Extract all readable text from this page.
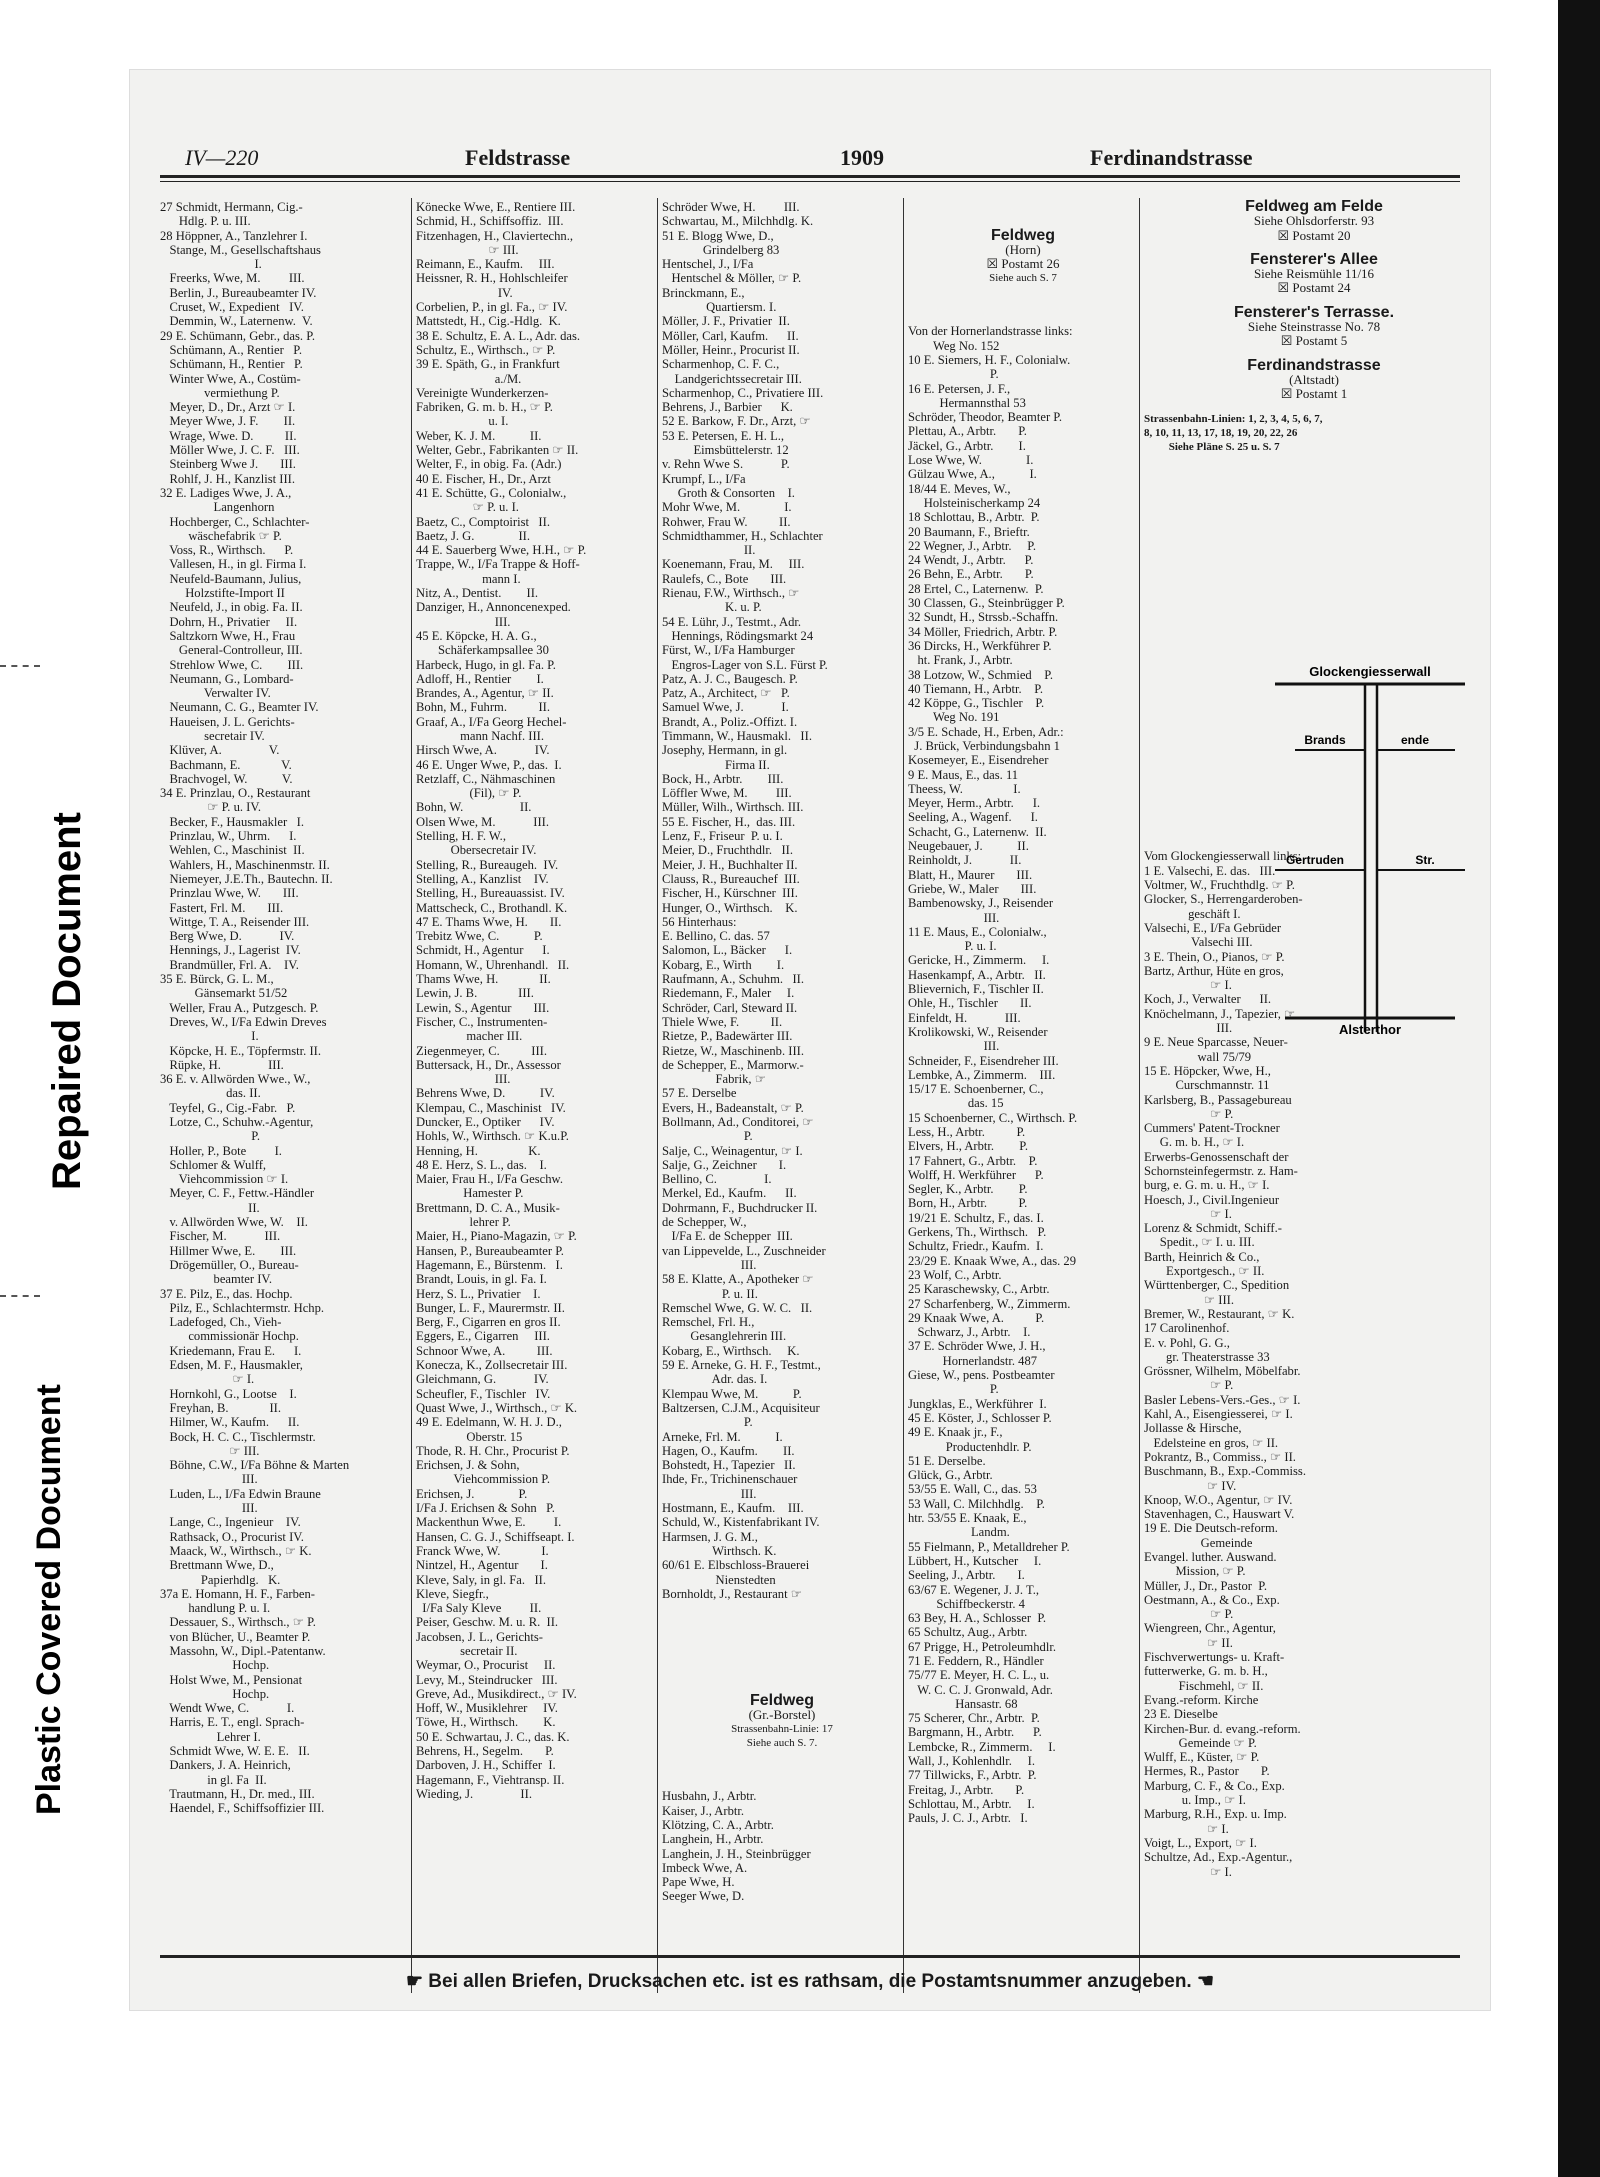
Repaired Document
Plastic Covered Document
IV—220	Feldstrasse	1909	Ferdinandstrasse
27 Schmidt, Hermann, Cig.-
Hdlg. P. u. III.
28 Höppner, A., Tanzlehrer I.
Stange, M., Gesellschaftshaus
I.
Freerks, Wwe, M.         III.
Berlin, J., Bureaubeamter IV.
Cruset, W., Expedient   IV.
Demmin, W., Laternenw.  V.
29 E. Schümann, Gebr., das. P.
Schümann, A., Rentier   P.
Schümann, H., Rentier   P.
Winter Wwe, A., Costüm-
vermiethung P.
Meyer, D., Dr., Arzt ☞ I.
Meyer Wwe, J. F.        II.
Wrage, Wwe. D.          II.
Möller Wwe, J. C. F.   III.
Steinberg Wwe J.       III.
Rohlf, J. H., Kanzlist III.
32 E. Ladiges Wwe, J. A.,
Langenhorn
Hochberger, C., Schlachter-
wäschefabrik ☞ P.
Voss, R., Wirthsch.      P.
Vallesen, H., in gl. Firma I.
Neufeld-Baumann, Julius,
Holzstifte-Import II
Neufeld, J., in obig. Fa. II.
Dohrn, H., Privatier     II.
Saltzkorn Wwe, H., Frau
General-Controlleur, III.
Strehlow Wwe, C.        III.
Neumann, G., Lombard-
Verwalter IV.
Neumann, C. G., Beamter IV.
Haueisen, J. L. Gerichts-
secretair IV.
Klüver, A.               V.
Bachmann, E.             V.
Brachvogel, W.           V.
34 E. Prinzlau, O., Restaurant
☞ P. u. IV.
Becker, F., Hausmakler   I.
Prinzlau, W., Uhrm.      I.
Wehlen, C., Maschinist  II.
Wahlers, H., Maschinenmstr. II.
Niemeyer, J.E.Th., Bautechn. II.
Prinzlau Wwe, W.       III.
Fastert, Frl. M.       III.
Wittge, T. A., Reisender III.
Berg Wwe, D.            IV.
Hennings, J., Lagerist  IV.
Brandmüller, Frl. A.    IV.
35 E. Bürck, G. L. M.,
Gänsemarkt 51/52
Weller, Frau A., Putzgesch. P.
Dreves, W., I/Fa Edwin Dreves
I.
Köpcke, H. E., Töpfermstr. II.
Rüpke, H.               III.
36 E. v. Allwörden Wwe., W.,
das. II.
Teyfel, G., Cig.-Fabr.   P.
Lotze, C., Schuhw.-Agentur,
P.
Holler, P., Bote         I.
Schlomer & Wulff,
Viehcommission ☞ I.
Meyer, C. F., Fettw.-Händler
II.
v. Allwörden Wwe, W.    II.
Fischer, M.            III.
Hillmer Wwe, E.        III.
Drögemüller, O., Bureau-
beamter IV.
37 E. Pilz, E., das. Hochp.
Pilz, E., Schlachtermstr. Hchp.
Ladefoged, Ch., Vieh-
commissionär Hochp.
Kriedemann, Frau E.      I.
Edsen, M. F., Hausmakler,
☞ I.
Hornkohl, G., Lootse    I.
Freyhan, B.             II.
Hilmer, W., Kaufm.      II.
Bock, H. C. C., Tischlermstr.
☞ III.
Böhne, C.W., I/Fa Böhne & Marten
III.
Luden, L., I/Fa Edwin Braune
III.
Lange, C., Ingenieur    IV.
Rathsack, O., Procurist IV.
Maack, W., Wirthsch., ☞ K.
Brettmann Wwe, D.,
Papierhdlg.   K.
37a E. Homann, H. F., Farben-
handlung P. u. I.
Dessauer, S., Wirthsch., ☞ P.
von Blücher, U., Beamter P.
Massohn, W., Dipl.-Patentanw.
Hochp.
Holst Wwe, M., Pensionat
Hochp.
Wendt Wwe, C.            I.
Harris, E. T., engl. Sprach-
Lehrer I.
Schmidt Wwe, W. E. E.   II.
Dankers, J. A. Heinrich,
in gl. Fa  II.
Trautmann, H., Dr. med., III.
Haendel, F., Schiffsoffizier III.
Könecke Wwe, E., Rentiere III.
Schmid, H., Schiffsoffiz.  III.
Fitzenhagen, H., Claviertechn.,
☞ III.
Reimann, E., Kaufm.     III.
Heissner, R. H., Hohlschleifer
IV.
Corbelien, P., in gl. Fa., ☞ IV.
Mattstedt, H., Cig.-Hdlg.  K.
38 E. Schultz, E. A. L., Adr. das.
Schultz, E., Wirthsch., ☞ P.
39 E. Späth, G., in Frankfurt
a./M.
Vereinigte Wunderkerzen-
Fabriken, G. m. b. H., ☞ P.
u. I.
Weber, K. J. M.           II.
Welter, Gebr., Fabrikanten ☞ II.
Welter, F., in obig. Fa. (Adr.)
40 E. Fischer, H., Dr., Arzt
41 E. Schütte, G., Colonialw.,
☞ P. u. I.
Baetz, C., Comptoirist   II.
Baetz, J. G.              II.
44 E. Sauerberg Wwe, H.H., ☞ P.
Trappe, W., I/Fa Trappe & Hoff-
mann I.
Nitz, A., Dentist.        II.
Danziger, H., Annoncenexped.
III.
45 E. Köpcke, H. A. G.,
Schäferkampsallee 30
Harbeck, Hugo, in gl. Fa. P.
Adloff, H., Rentier        I.
Brandes, A., Agentur, ☞ II.
Bohn, M., Fuhrm.          II.
Graaf, A., I/Fa Georg Hechel-
mann Nachf. III.
Hirsch Wwe, A.            IV.
46 E. Unger Wwe, P., das.  I.
Retzlaff, C., Nähmaschinen
(Fil), ☞ P.
Bohn, W.                  II.
Olsen Wwe, M.            III.
Stelling, H. F. W.,
Obersecretair IV.
Stelling, R., Bureaugeh.  IV.
Stelling, A., Kanzlist    IV.
Stelling, H., Bureauassist. IV.
Mattscheck, C., Brothandl. K.
47 E. Thams Wwe, H.       II.
Trebitz Wwe, C.           P.
Schmidt, H., Agentur      I.
Homann, W., Uhrenhandl.   II.
Thams Wwe, H.             II.
Lewin, J. B.             III.
Lewin, S., Agentur       III.
Fischer, C., Instrumenten-
macher III.
Ziegenmeyer, C.          III.
Buttersack, H., Dr., Assessor
III.
Behrens Wwe, D.           IV.
Klempau, C., Maschinist   IV.
Duncker, E., Optiker      IV.
Hohls, W., Wirthsch. ☞ K.u.P.
Henning, H.                K.
48 E. Herz, S. L., das.    I.
Maier, Frau H., I/Fa Geschw.
Hamester P.
Brettmann, D. C. A., Musik-
lehrer P.
Maier, H., Piano-Magazin, ☞ P.
Hansen, P., Bureaubeamter P.
Hagemann, E., Bürstenm.   I.
Brandt, Louis, in gl. Fa. I.
Herz, S. L., Privatier    I.
Bunger, L. F., Maurermstr. II.
Berg, F., Cigarren en gros II.
Eggers, E., Cigarren     III.
Schnoor Wwe, A.          III.
Konecza, K., Zollsecretair III.
Gleichmann, G.            IV.
Scheufler, F., Tischler   IV.
Quast Wwe, J., Wirthsch., ☞ K.
49 E. Edelmann, W. H. J. D.,
Oberstr. 15
Thode, R. H. Chr., Procurist P.
Erichsen, J. & Sohn,
Viehcommission P.
Erichsen, J.              P.
I/Fa J. Erichsen & Sohn   P.
Mackenthun Wwe, E.         I.
Hansen, C. G. J., Schiffseapt. I.
Franck Wwe, W.             I.
Nintzel, H., Agentur       I.
Kleve, Saly, in gl. Fa.   II.
Kleve, Siegfr.,
I/Fa Saly Kleve         II.
Peiser, Geschw. M. u. R.  II.
Jacobsen, J. L., Gerichts-
secretair II.
Weymar, O., Procurist     II.
Levy, M., Steindrucker   III.
Greve, Ad., Musikdirect., ☞ IV.
Hoff, W., Musiklehrer     IV.
Töwe, H., Wirthsch.        K.
50 E. Schwartau, J. C., das. K.
Behrens, H., Segelm.       P.
Darboven, J. H., Schiffer  I.
Hagemann, F., Viehtransp. II.
Wieding, J.               II.
Schröder Wwe, H.         III.
Schwartau, M., Milchhdlg. K.
51 E. Blogg Wwe, D.,
Grindelberg 83
Hentschel, J., I/Fa
Hentschel & Möller, ☞ P.
Brinckmann, E.,
Quartiersm. I.
Möller, J. F., Privatier  II.
Möller, Carl, Kaufm.      II.
Möller, Heinr., Procurist II.
Scharmenhop, C. F. C.,
Landgerichtssecretair III.
Scharmenhop, C., Privatiere III.
Behrens, J., Barbier      K.
52 E. Barkow, F. Dr., Arzt, ☞
53 E. Petersen, E. H. L.,
Eimsbüttelerstr. 12
v. Rehn Wwe S.            P.
Krumpf, L., I/Fa
Groth & Consorten    I.
Mohr Wwe, M.              I.
Rohwer, Frau W.          II.
Schmidthammer, H., Schlachter
II.
Koenemann, Frau, M.     III.
Raulefs, C., Bote       III.
Rienau, F.W., Wirthsch., ☞
K. u. P.
54 E. Lühr, J., Testmt., Adr.
Hennings, Rödingsmarkt 24
Fürst, W., I/Fa Hamburger
Engros-Lager von S.L. Fürst P.
Patz, A. J. C., Baugesch. P.
Patz, A., Architect, ☞   P.
Samuel Wwe, J.            I.
Brandt, A., Poliz.-Offizt. I.
Timmann, W., Hausmakl.   II.
Josephy, Hermann, in gl.
Firma II.
Bock, H., Arbtr.        III.
Löffler Wwe, M.         III.
Müller, Wilh., Wirthsch. III.
55 E. Fischer, H.,  das. III.
Lenz, F., Friseur  P. u. I.
Meier, D., Fruchthdlr.   II.
Meier, J. H., Buchhalter II.
Clauss, R., Bureauchef  III.
Fischer, H., Kürschner  III.
Hunger, O., Wirthsch.    K.
56 Hinterhaus:
E. Bellino, C. das. 57
Salomon, L., Bäcker      I.
Kobarg, E., Wirth        I.
Raufmann, A., Schuhm.   II.
Riedemann, F., Maler     I.
Schröder, Carl, Steward II.
Thiele Wwe, F.          II.
Rietze, P., Badewärter III.
Rietze, W., Maschinenb. III.
de Schepper, E., Marmorw.-
Fabrik, ☞
57 E. Derselbe
Evers, H., Badeanstalt, ☞ P.
Bollmann, Ad., Conditorei, ☞
P.
Salje, C., Weinagentur, ☞ I.
Salje, G., Zeichner       I.
Bellino, C.               I.
Merkel, Ed., Kaufm.      II.
Dohrmann, F., Buchdrucker II.
de Schepper, W.,
I/Fa E. de Schepper  III.
van Lippevelde, L., Zuschneider
III.
58 E. Klatte, A., Apotheker ☞
P. u. II.
Remschel Wwe, G. W. C.   II.
Remschel, Frl. H.,
Gesanglehrerin III.
Kobarg, E., Wirthsch.     K.
59 E. Arneke, G. H. F., Testmt.,
Adr. das. I.
Klempau Wwe, M.           P.
Baltzersen, C.J.M., Acquisiteur
P.
Arneke, Frl. M.           I.
Hagen, O., Kaufm.        II.
Bohstedt, H., Tapezier   II.
Ihde, Fr., Trichinenschauer
III.
Hostmann, E., Kaufm.    III.
Schuld, W., Kistenfabrikant IV.
Harmsen, J. G. M.,
Wirthsch. K.
60/61 E. Elbschloss-Brauerei
Nienstedten
Bornholdt, J., Restaurant ☞

Feldweg
(Gr.-Borstel)
Strassenbahn-Linie: 17
Siehe auch S. 7.

Husbahn, J., Arbtr.
Kaiser, J., Arbtr.
Klötzing, C. A., Arbtr.
Langhein, H., Arbtr.
Langhein, J. H., Steinbrügger
Imbeck Wwe, A.
Pape Wwe, H.
Seeger Wwe, D.

Feldweg
(Horn)
☒ Postamt 26
Siehe auch S. 7

Von der Hornerlandstrasse links:
Weg No. 152
10 E. Siemers, H. F., Colonialw.
P.
16 E. Petersen, J. F.,
Hermannsthal 53
Schröder, Theodor, Beamter P.
Plettau, A., Arbtr.       P.
Jäckel, G., Arbtr.        I.
Lose Wwe, W.              I.
Gülzau Wwe, A.,           I.
18/44 E. Meves, W.,
Holsteinischerkamp 24
18 Schlottau, B., Arbtr.  P.
20 Baumann, F., Brieftr.
22 Wegner, J., Arbtr.     P.
24 Wendt, J., Arbtr.      P.
26 Behn, E., Arbtr.       P.
28 Ertel, C., Laternenw.  P.
30 Classen, G., Steinbrügger P.
32 Sundt, H., Strssb.-Schaffn.
34 Möller, Friedrich, Arbtr. P.
36 Dircks, H., Werkführer P.
ht. Frank, J., Arbtr.
38 Lotzow, W., Schmied    P.
40 Tiemann, H., Arbtr.    P.
42 Köppe, G., Tischler    P.
Weg No. 191
3/5 E. Schade, H., Erben, Adr.:
J. Brück, Verbindungsbahn 1
Kosemeyer, E., Eisendreher
9 E. Maus, E., das. 11
Theess, W.                I.
Meyer, Herm., Arbtr.      I.
Seeling, A., Wagenf.      I.
Schacht, G., Laternenw.  II.
Neugebauer, J.           II.
Reinholdt, J.            II.
Blatt, H., Maurer       III.
Griebe, W., Maler       III.
Bambenowsky, J., Reisender
III.
11 E. Maus, E., Colonialw.,
P. u. I.
Gericke, H., Zimmerm.     I.
Hasenkampf, A., Arbtr.   II.
Blievernich, F., Tischler II.
Ohle, H., Tischler       II.
Einfeldt, H.            III.
Krolikowski, W., Reisender
III.
Schneider, F., Eisendreher III.
Lembke, A., Zimmerm.    III.
15/17 E. Schoenberner, C.,
das. 15
15 Schoenberner, C., Wirthsch. P.
Less, H., Arbtr.          P.
Elvers, H., Arbtr.        P.
17 Fahnert, G., Arbtr.    P.
Wolff, H. Werkführer      P.
Segler, K., Arbtr.        P.
Born, H., Arbtr.          P.
19/21 E. Schultz, F., das. I.
Gerkens, Th., Wirthsch.   P.
Schultz, Friedr., Kaufm.  I.
23/29 E. Knaak Wwe, A., das. 29
23 Wolf, C., Arbtr.
25 Karaschewsky, C., Arbtr.
27 Scharfenberg, W., Zimmerm.
29 Knaak Wwe, A.          P.
Schwarz, J., Arbtr.    I.
37 E. Schröder Wwe, J. H.,
Hornerlandstr. 487
Giese, W., pens. Postbeamter
P.
Jungklas, E., Werkführer  I.
45 E. Köster, J., Schlosser P.
49 E. Knaak jr., F.,
Productenhdlr. P.
51 E. Derselbe.
Glück, G., Arbtr.
53/55 E. Wall, C., das. 53
53 Wall, C. Milchhdlg.    P.
htr. 53/55 E. Knaak, E.,
Landm.
55 Fielmann, P., Metalldreher P.
Lübbert, H., Kutscher     I.
Seeling, J., Arbtr.       I.
63/67 E. Wegener, J. J. T.,
Schiffbeckerstr. 4
63 Bey, H. A., Schlosser  P.
65 Schultz, Aug., Arbtr.
67 Prigge, H., Petroleumhdlr.
71 E. Feddern, R., Händler
75/77 E. Meyer, H. C. L., u.
W. C. C. J. Gronwald, Adr.
Hansastr. 68
75 Scherer, Chr., Arbtr.  P.
Bargmann, H., Arbtr.      P.
Lembcke, R., Zimmerm.     I.
Wall, J., Kohlenhdlr.     I.
77 Tillwicks, F., Arbtr.  P.
Freitag, J., Arbtr.       P.
Schlottau, M., Arbtr.     I.
Pauls, J. C. J., Arbtr.   I.

Feldweg am Felde
Siehe Ohlsdorferstr. 93
☒ Postamt 20
Fensterer's Allee
Siehe Reismühle 11/16
☒ Postamt 24
Fensterer's Terrasse.
Siehe Steinstrasse No. 78
☒ Postamt 5
Ferdinandstrasse
(Altstadt)
☒ Postamt 1
Strassenbahn-Linien: 1, 2, 3, 4, 5, 6, 7,
8, 10, 11, 13, 17, 18, 19, 20, 22, 26
Siehe Pläne S. 25 u. S. 7
Vom Glockengiesserwall links:
1 E. Valsechi, E. das.   III.
Voltmer, W., Fruchthdlg. ☞ P.
Glocker, S., Herrengarderoben-
geschäft I.
Valsechi, E., I/Fa Gebrüder
Valsechi III.
3 E. Thein, O., Pianos, ☞ P.
Bartz, Arthur, Hüte en gros,
☞ I.
Koch, J., Verwalter      II.
Knöchelmann, J., Tapezier, ☞
III.
9 E. Neue Sparcasse, Neuer-
wall 75/79
15 E. Höpcker, Wwe, H.,
Curschmannstr. 11
Karlsberg, B., Passagebureau
☞ P.
Cummers' Patent-Trockner
G. m. b. H., ☞ I.
Erwerbs-Genossenschaft der
Schornsteinfegermstr. z. Ham-
burg, e. G. m. u. H., ☞ I.
Hoesch, J., Civil.Ingenieur
☞ I.
Lorenz & Schmidt, Schiff.-
Spedit., ☞ I. u. III.
Barth, Heinrich & Co.,
Exportgesch., ☞ II.
Württenberger, C., Spedition
☞ III.
Bremer, W., Restaurant, ☞ K.
17 Carolinenhof.
E. v. Pohl, G. G.,
gr. Theaterstrasse 33
Grössner, Wilhelm, Möbelfabr.
☞ P.
Basler Lebens-Vers.-Ges., ☞ I.
Kahl, A., Eisengiesserei, ☞ I.
Jollasse & Hirsche,
Edelsteine en gros, ☞ II.
Pokrantz, B., Commiss., ☞ II.
Buschmann, B., Exp.-Commiss.
☞ IV.
Knoop, W.O., Agentur, ☞ IV.
Stavenhagen, C., Hauswart V.
19 E. Die Deutsch-reform.
Gemeinde
Evangel. luther. Auswand.
Mission, ☞ P.
Müller, J., Dr., Pastor  P.
Oestmann, A., & Co., Exp.
☞ P.
Wiengreen, Chr., Agentur,
☞ II.
Fischverwertungs- u. Kraft-
futterwerke, G. m. b. H.,
Fischmehl, ☞ II.
Evang.-reform. Kirche
23 E. Dieselbe
Kirchen-Bur. d. evang.-reform.
Gemeinde ☞ P.
Wulff, E., Küster, ☞ P.
Hermes, R., Pastor       P.
Marburg, C. F., & Co., Exp.
u. Imp., ☞ I.
Marburg, R.H., Exp. u. Imp.
☞ I.
Voigt, L., Export, ☞ I.
Schultze, Ad., Exp.-Agentur.,
☞ I.
Glockengiesserwall
Brands	ende
Gertruden	Str.
Alsterthor
☛ Bei allen Briefen, Drucksachen etc. ist es rathsam, die Postamtsnummer anzugeben. ☚
